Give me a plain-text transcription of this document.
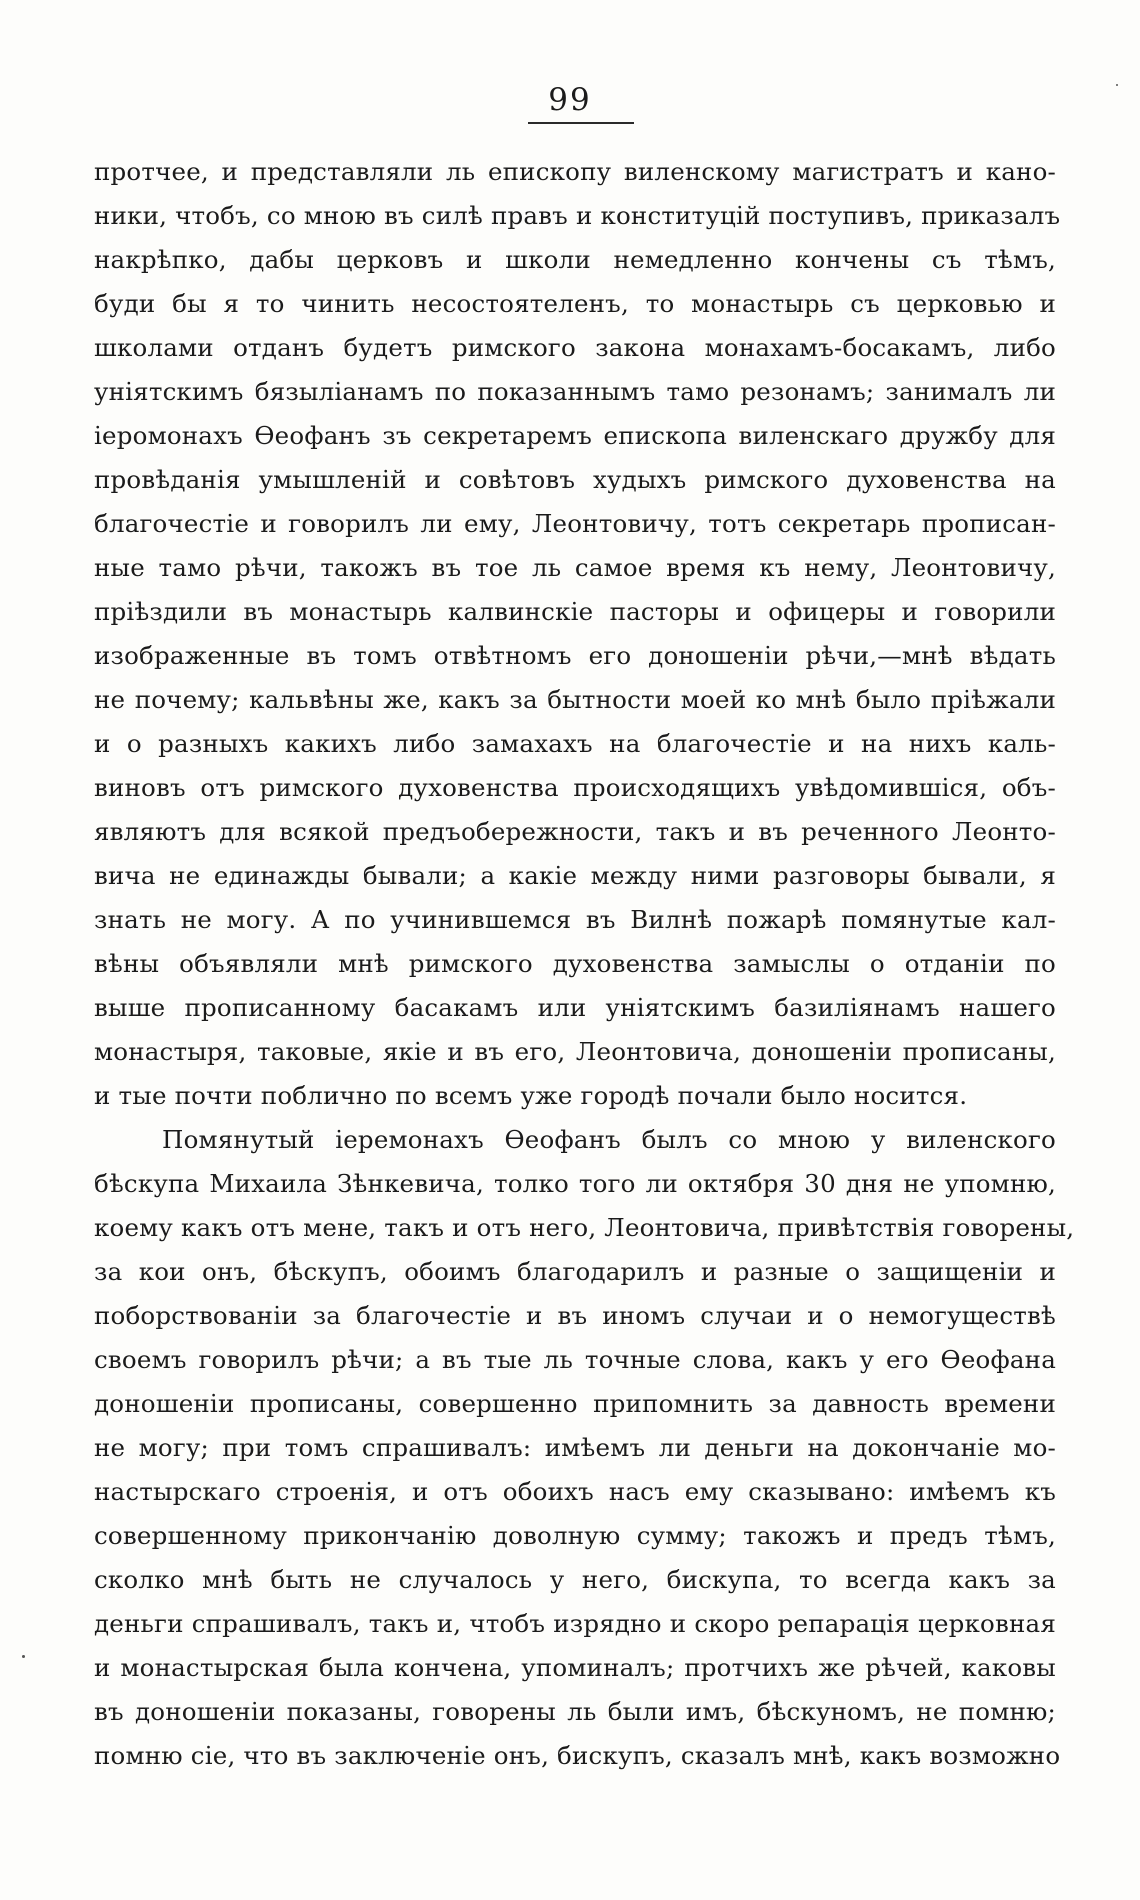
99
протчее, и представляли ль епископу виленскому магистратъ и кано-
ники, чтобъ, со мною въ силѣ правъ и конституцій поступивъ, приказалъ
накрѣпко, дабы церковъ и школи немедленно кончены съ тѣмъ,
буди бы я то чинить несостоятеленъ, то монастырь съ церковью и
школами отданъ будетъ римского закона монахамъ-босакамъ, либо
уніятскимъ бязыліанамъ по показаннымъ тамо резонамъ; занималъ ли
іеромонахъ Ѳеофанъ зъ секретаремъ епископа виленскаго дружбу для
провѣданія умышленій и совѣтовъ худыхъ римского духовенства на
благочестіе и говорилъ ли ему, Леонтовичу, тотъ секретарь прописан-
ные тамо рѣчи, такожъ въ тое ль самое время къ нему, Леонтовичу,
пріѣздили въ монастырь калвинскіе пасторы и офицеры и говорили
изображенные въ томъ отвѣтномъ его доношеніи рѣчи,—мнѣ вѣдать
не почему; кальвѣны же, какъ за бытности моей ко мнѣ было пріѣжали
и о разныхъ какихъ либо замахахъ на благочестіе и на нихъ каль-
виновъ отъ римского духовенства происходящихъ увѣдомившіся, объ-
являютъ для всякой предъобережности, такъ и въ реченного Леонто-
вича не единажды бывали; а какіе между ними разговоры бывали, я
знать не могу. А по учинившемся въ Вилнѣ пожарѣ помянутые кал-
вѣны объявляли мнѣ римского духовенства замыслы о отданіи по
выше прописанному басакамъ или уніятскимъ базиліянамъ нашего
монастыря, таковые, якіе и въ его, Леонтовича, доношеніи прописаны,
и тые почти поблично по всемъ уже городѣ почали было носится.
Помянутый іеремонахъ Ѳеофанъ былъ со мною у виленского
бѣскупа Михаила Зѣнкевича, толко того ли октября 30 дня не упомню,
коему какъ отъ мене, такъ и отъ него, Леонтовича, привѣтствія говорены,
за кои онъ, бѣскупъ, обоимъ благодарилъ и разные о защищеніи и
поборствованіи за благочестіе и въ иномъ случаи и о немогуществѣ
своемъ говорилъ рѣчи; а въ тые ль точные слова, какъ у его Ѳеофана
доношеніи прописаны, совершенно припомнить за давность времени
не могу; при томъ спрашивалъ: имѣемъ ли деньги на докончаніе мо-
настырскаго строенія, и отъ обоихъ насъ ему сказывано: имѣемъ къ
совершенному прикончанію доволную сумму; такожъ и предъ тѣмъ,
сколко мнѣ быть не случалось у него, бискупа, то всегда какъ за
деньги спрашивалъ, такъ и, чтобъ изрядно и скоро репарація церковная
и монастырская была кончена, упоминалъ; протчихъ же рѣчей, каковы
въ доношеніи показаны, говорены ль были имъ, бѣскуномъ, не помню;
помню сіе, что въ заключеніе онъ, бискупъ, сказалъ мнѣ, какъ возможно
